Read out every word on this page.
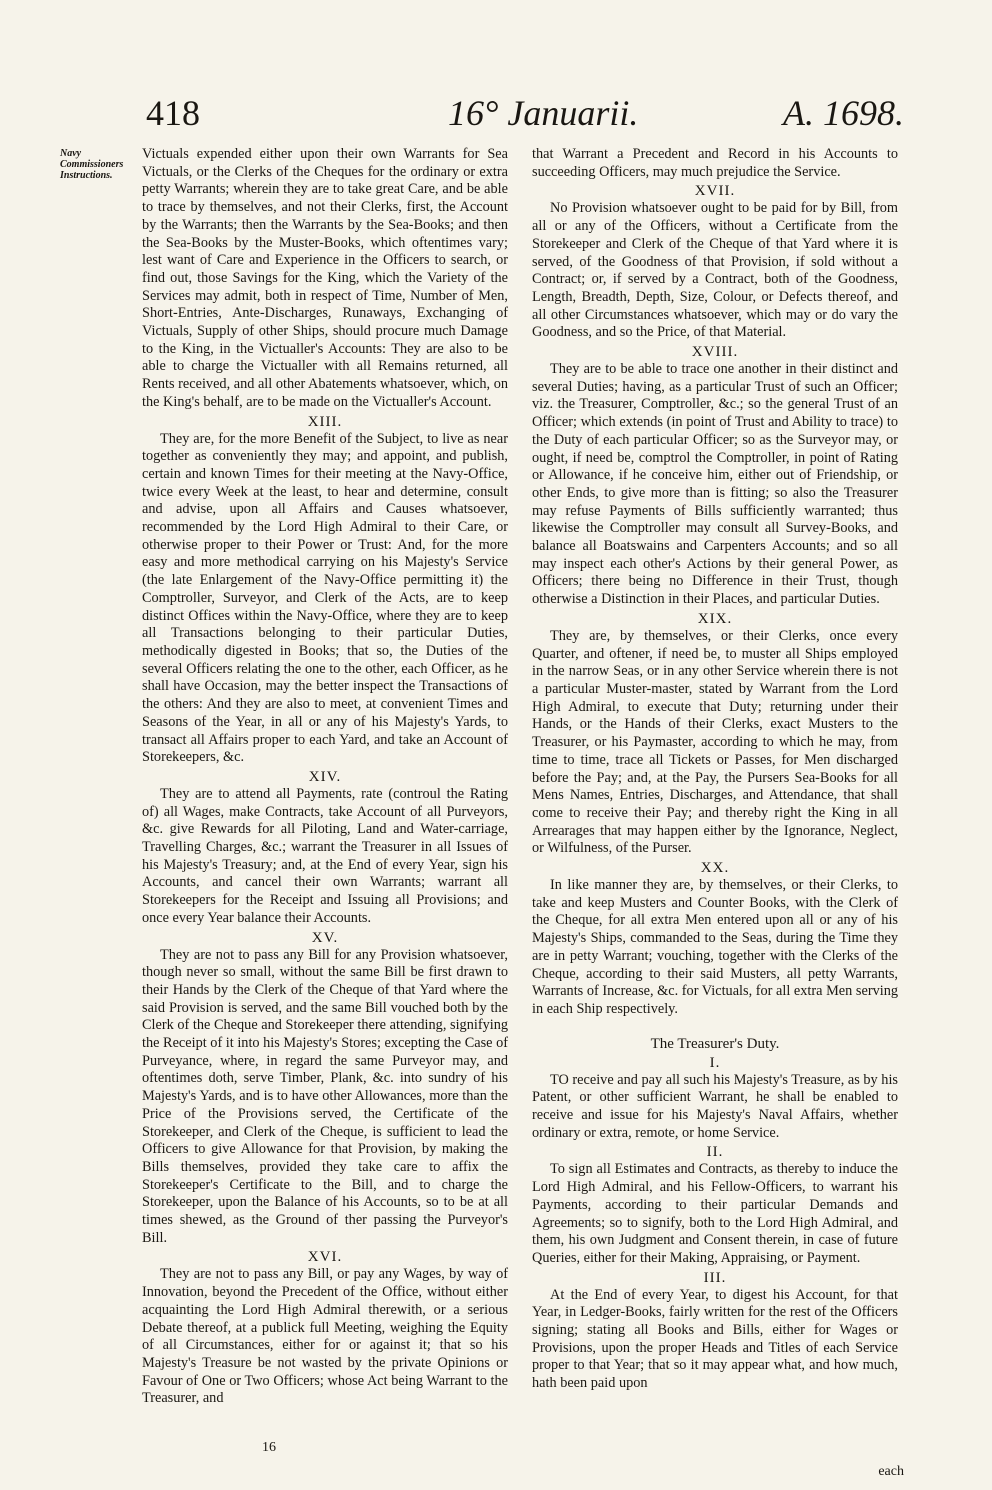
418	16° Januarii.	A. 1698.
Navy Commissioners Instructions.

Victuals expended either upon their own Warrants for Sea Victuals, or the Clerks of the Cheques for the ordinary or extra petty Warrants; wherein they are to take great Care, and be able to trace by themselves, and not their Clerks, first, the Account by the Warrants; then the Warrants by the Sea-Books; and then the Sea-Books by the Muster-Books, which oftentimes vary; lest want of Care and Experience in the Officers to search, or find out, those Savings for the King, which the Variety of the Services may admit, both in respect of Time, Number of Men, Short-Entries, Ante-Discharges, Runaways, Exchanging of Victuals, Supply of other Ships, should procure much Damage to the King, in the Victualler's Accounts: They are also to be able to charge the Victualler with all Remains returned, all Rents received, and all other Abatements whatsoever, which, on the King's behalf, are to be made on the Victualler's Account.

XIII.

They are, for the more Benefit of the Subject, to live as near together as conveniently they may; and appoint, and publish, certain and known Times for their meeting at the Navy-Office, twice every Week at the least, to hear and determine, consult and advise, upon all Affairs and Causes whatsoever, recommended by the Lord High Admiral to their Care, or otherwise proper to their Power or Trust: And, for the more easy and more methodical carrying on his Majesty's Service (the late Enlargement of the Navy-Office permitting it) the Comptroller, Surveyor, and Clerk of the Acts, are to keep distinct Offices within the Navy-Office, where they are to keep all Transactions belonging to their particular Duties, methodically digested in Books; that so, the Duties of the several Officers relating the one to the other, each Officer, as he shall have Occasion, may the better inspect the Transactions of the others: And they are also to meet, at convenient Times and Seasons of the Year, in all or any of his Majesty's Yards, to transact all Affairs proper to each Yard, and take an Account of Storekeepers, &c.

XIV.

They are to attend all Payments, rate (controul the Rating of) all Wages, make Contracts, take Account of all Purveyors, &c. give Rewards for all Piloting, Land and Water-carriage, Travelling Charges, &c.; warrant the Treasurer in all Issues of his Majesty's Treasury; and, at the End of every Year, sign his Accounts, and cancel their own Warrants; warrant all Storekeepers for the Receipt and Issuing all Provisions; and once every Year balance their Accounts.

XV.

They are not to pass any Bill for any Provision whatsoever, though never so small, without the same Bill be first drawn to their Hands by the Clerk of the Cheque of that Yard where the said Provision is served, and the same Bill vouched both by the Clerk of the Cheque and Storekeeper there attending, signifying the Receipt of it into his Majesty's Stores; excepting the Case of Purveyance, where, in regard the same Purveyor may, and oftentimes doth, serve Timber, Plank, &c. into sundry of his Majesty's Yards, and is to have other Allowances, more than the Price of the Provisions served, the Certificate of the Storekeeper, and Clerk of the Cheque, is sufficient to lead the Officers to give Allowance for that Provision, by making the Bills themselves, provided they take care to affix the Storekeeper's Certificate to the Bill, and to charge the Storekeeper, upon the Balance of his Accounts, so to be at all times shewed, as the Ground of ther passing the Purveyor's Bill.

XVI.

They are not to pass any Bill, or pay any Wages, by way of Innovation, beyond the Precedent of the Office, without either acquainting the Lord High Admiral therewith, or a serious Debate thereof, at a publick full Meeting, weighing the Equity of all Circumstances, either for or against it; that so his Majesty's Treasure be not wasted by the private Opinions or Favour of One or Two Officers; whose Act being Warrant to the Treasurer, and

that Warrant a Precedent and Record in his Accounts to succeeding Officers, may much prejudice the Service.

XVII.

No Provision whatsoever ought to be paid for by Bill, from all or any of the Officers, without a Certificate from the Storekeeper and Clerk of the Cheque of that Yard where it is served, of the Goodness of that Provision, if sold without a Contract; or, if served by a Contract, both of the Goodness, Length, Breadth, Depth, Size, Colour, or Defects thereof, and all other Circumstances whatsoever, which may or do vary the Goodness, and so the Price, of that Material.

XVIII.

They are to be able to trace one another in their distinct and several Duties; having, as a particular Trust of such an Officer; viz. the Treasurer, Comptroller, &c.; so the general Trust of an Officer; which extends (in point of Trust and Ability to trace) to the Duty of each particular Officer; so as the Surveyor may, or ought, if need be, comptrol the Comptroller, in point of Rating or Allowance, if he conceive him, either out of Friendship, or other Ends, to give more than is fitting; so also the Treasurer may refuse Payments of Bills sufficiently warranted; thus likewise the Comptroller may consult all Survey-Books, and balance all Boatswains and Carpenters Accounts; and so all may inspect each other's Actions by their general Power, as Officers; there being no Difference in their Trust, though otherwise a Distinction in their Places, and particular Duties.

XIX.

They are, by themselves, or their Clerks, once every Quarter, and oftener, if need be, to muster all Ships employed in the narrow Seas, or in any other Service wherein there is not a particular Muster-master, stated by Warrant from the Lord High Admiral, to execute that Duty; returning under their Hands, or the Hands of their Clerks, exact Musters to the Treasurer, or his Paymaster, according to which he may, from time to time, trace all Tickets or Passes, for Men discharged before the Pay; and, at the Pay, the Pursers Sea-Books for all Mens Names, Entries, Discharges, and Attendance, that shall come to receive their Pay; and thereby right the King in all Arrearages that may happen either by the Ignorance, Neglect, or Wilfulness, of the Purser.

XX.

In like manner they are, by themselves, or their Clerks, to take and keep Musters and Counter Books, with the Clerk of the Cheque, for all extra Men entered upon all or any of his Majesty's Ships, commanded to the Seas, during the Time they are in petty Warrant; vouching, together with the Clerks of the Cheque, according to their said Musters, all petty Warrants, Warrants of Increase, &c. for Victuals, for all extra Men serving in each Ship respectively.

The Treasurer's Duty.
I.

TO receive and pay all such his Majesty's Treasure, as by his Patent, or other sufficient Warrant, he shall be enabled to receive and issue for his Majesty's Naval Affairs, whether ordinary or extra, remote, or home Service.

II.

To sign all Estimates and Contracts, as thereby to induce the Lord High Admiral, and his Fellow-Officers, to warrant his Payments, according to their particular Demands and Agreements; so to signify, both to the Lord High Admiral, and them, his own Judgment and Consent therein, in case of future Queries, either for their Making, Appraising, or Payment.

III.

At the End of every Year, to digest his Account, for that Year, in Ledger-Books, fairly written for the rest of the Officers signing; stating all Books and Bills, either for Wages or Provisions, upon the proper Heads and Titles of each Service proper to that Year; that so it may appear what, and how much, hath been paid upon

16
each
